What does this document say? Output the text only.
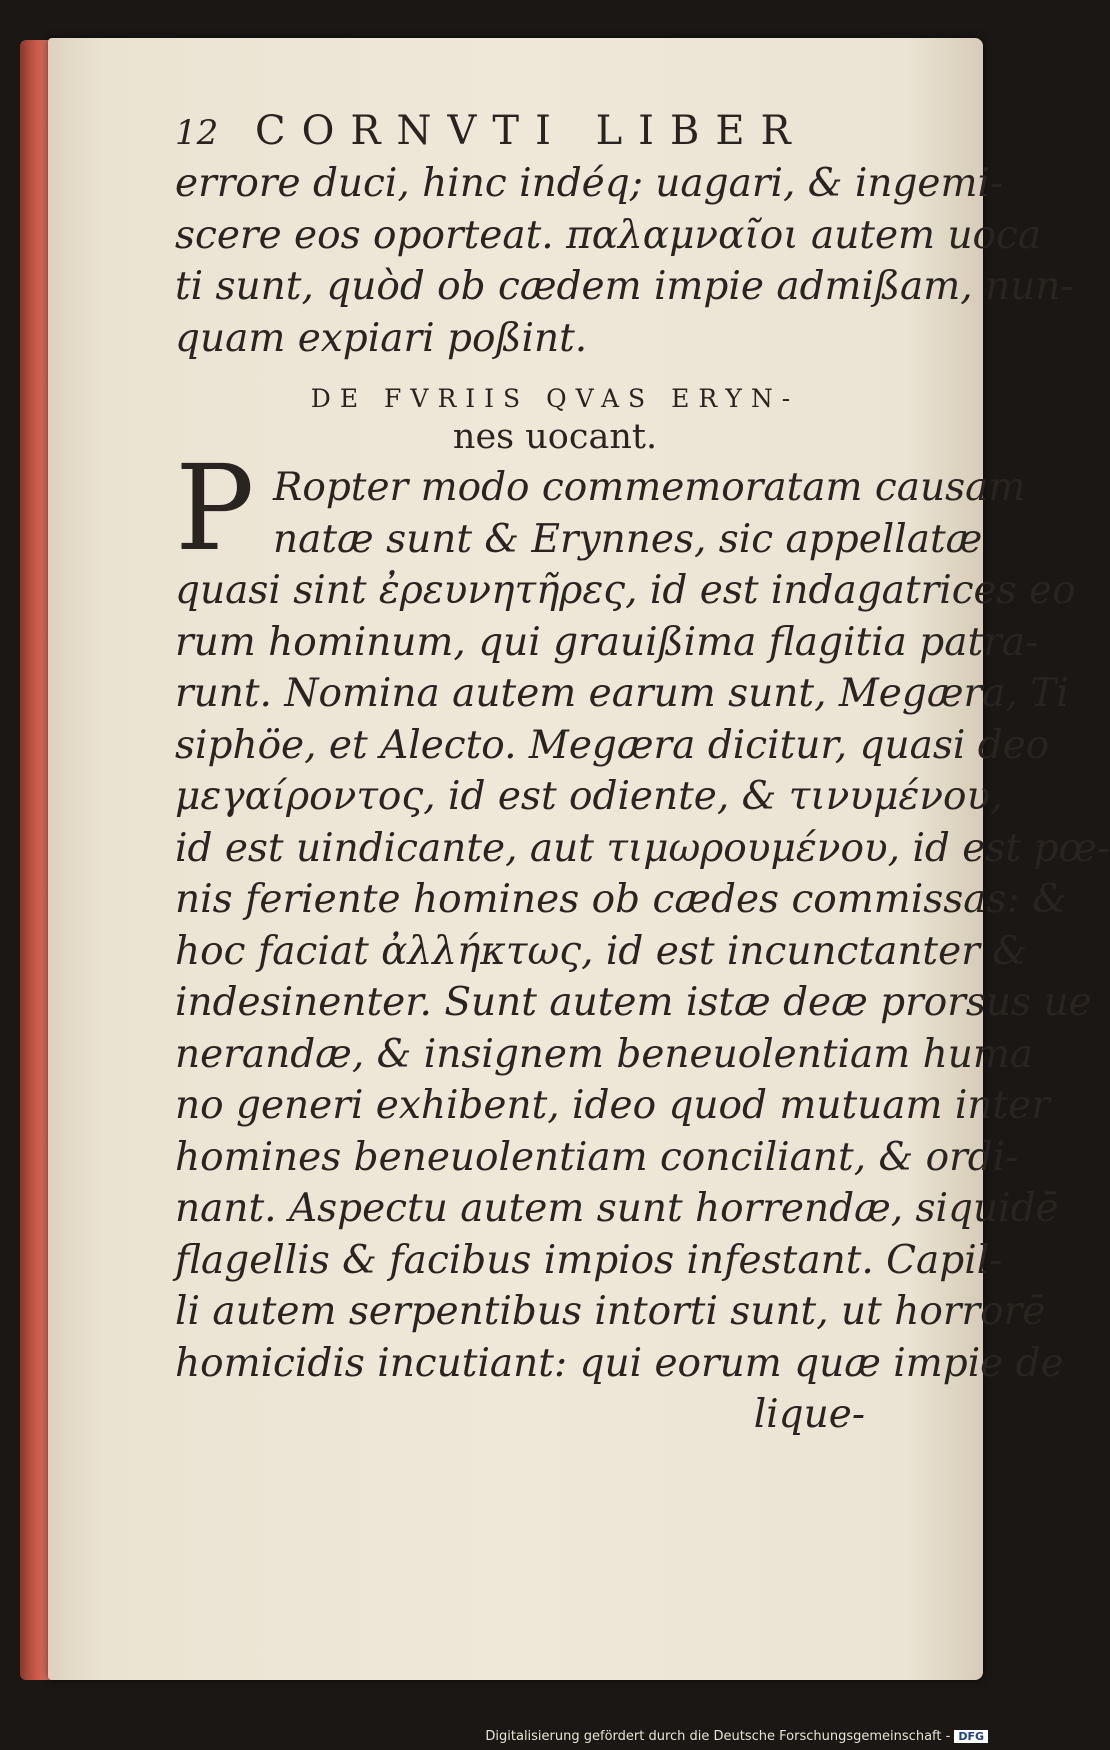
12 CORNVTI LIBER
errore duci, hinc indéq; uagari, & ingemi-
scere eos oporteat. παλαμναῖοι autem uoca
ti sunt, quòd ob cædem impie admißam, nun-
quam expiari poßint.
DE FVRIIS QVAS ERYN-
nes uocant.
P Ropter modo commemoratam causam
natæ sunt & Erynnes, sic appellatæ
quasi sint ἐρευνητῆρες, id est indagatrices eo
rum hominum, qui grauißima flagitia patra-
runt. Nomina autem earum sunt, Megæra, Ti
siphöe, et Alecto. Megæra dicitur, quasi deo
μεγαίροντος, id est odiente, & τινυμένου,
id est uindicante, aut τιμωρουμένου, id est pœ-
nis feriente homines ob cædes commissas: &
hoc faciat ἀλλήκτως, id est incunctanter &
indesinenter. Sunt autem istæ deæ prorsus ue
nerandæ, & insignem beneuolentiam huma
no generi exhibent, ideo quod mutuam inter
homines beneuolentiam conciliant, & ordi-
nant. Aspectu autem sunt horrendæ, siquidē
flagellis & facibus impios infestant. Capil-
li autem serpentibus intorti sunt, ut horrorē
homicidis incutiant: qui eorum quæ impie de
lique-
Digitalisierung gefördert durch die Deutsche Forschungsgemeinschaft - DFG
